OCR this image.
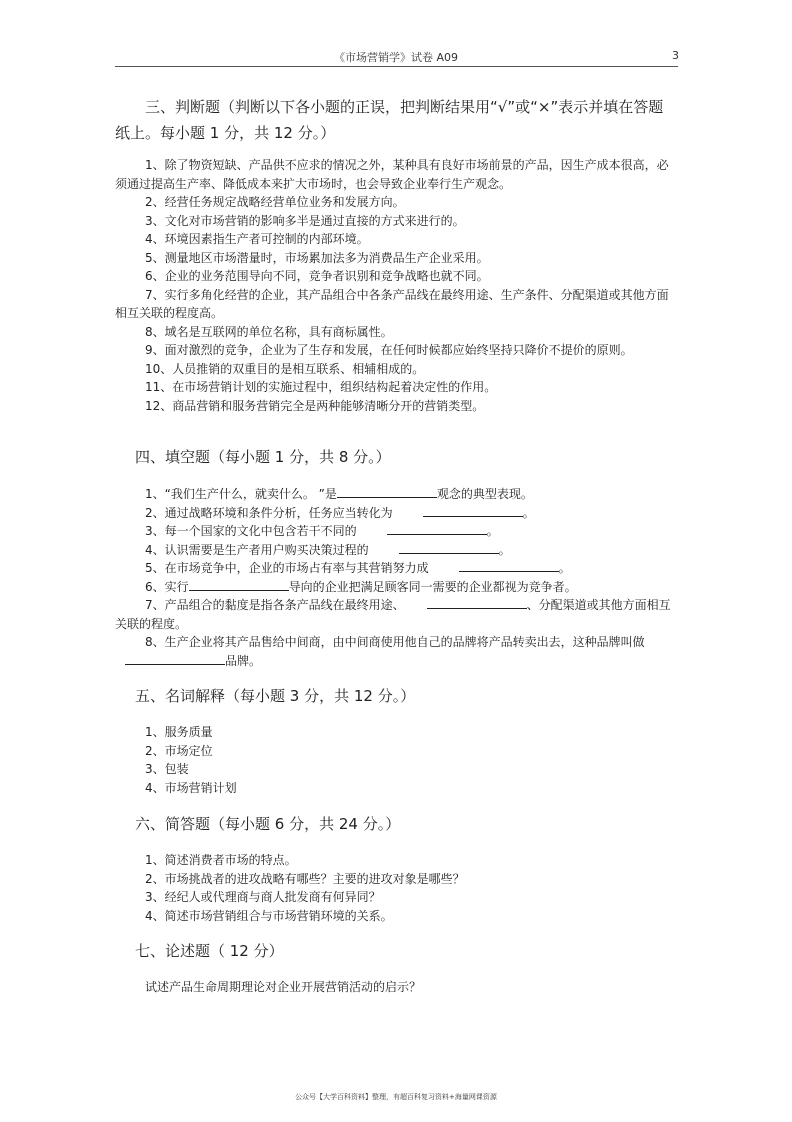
《市场营销学》试卷 A09	3
三、判断题（判断以下各小题的正误，把判断结果用“√”或“×”表示并填在答题纸上。每小题 1 分，共 12 分。）
1、除了物资短缺、产品供不应求的情况之外，某种具有良好市场前景的产品，因生产成本很高，必须通过提高生产率、降低成本来扩大市场时，也会导致企业奉行生产观念。
2、经营任务规定战略经营单位业务和发展方向。
3、文化对市场营销的影响多半是通过直接的方式来进行的。
4、环境因素指生产者可控制的内部环境。
5、测量地区市场潜量时，市场累加法多为消费品生产企业采用。
6、企业的业务范围导向不同，竞争者识别和竞争战略也就不同。
7、实行多角化经营的企业，其产品组合中各条产品线在最终用途、生产条件、分配渠道或其他方面相互关联的程度高。
8、域名是互联网的单位名称，具有商标属性。
9、面对激烈的竞争，企业为了生存和发展，在任何时候都应始终坚持只降价不提价的原则。
10、人员推销的双重目的是相互联系、相辅相成的。
11、在市场营销计划的实施过程中，组织结构起着决定性的作用。
12、商品营销和服务营销完全是两种能够清晰分开的营销类型。
四、填空题（每小题 1 分，共 8 分。）
1、“我们生产什么，就卖什么。 ”是	观念的典型表现。
2、通过战略环境和条件分析，任务应当转化为	。
3、每一个国家的文化中包含若干不同的	。
4、认识需要是生产者用户购买决策过程的	。
5、在市场竞争中，企业的市场占有率与其营销努力成	。
6、实行	导向的企业把满足顾客同一需要的企业都视为竞争者。
7、产品组合的黏度是指各条产品线在最终用途、	、分配渠道或其他方面相互关联的程度。
8、生产企业将其产品售给中间商，由中间商使用他自己的品牌将产品转卖出去，这种品牌叫做品牌。
五、名词解释（每小题 3 分，共 12 分。）
1、服务质量
2、市场定位
3、包装
4、市场营销计划
六、简答题（每小题 6 分，共 24 分。）
1、简述消费者市场的特点。
2、市场挑战者的进攻战略有哪些？主要的进攻对象是哪些？
3、经纪人或代理商与商人批发商有何异同？
4、简述市场营销组合与市场营销环境的关系。
七、论述题（ 12 分）
试述产品生命周期理论对企业开展营销活动的启示？
公众号【大学百科资料】整理，有超百科复习资料+海量网课资源
